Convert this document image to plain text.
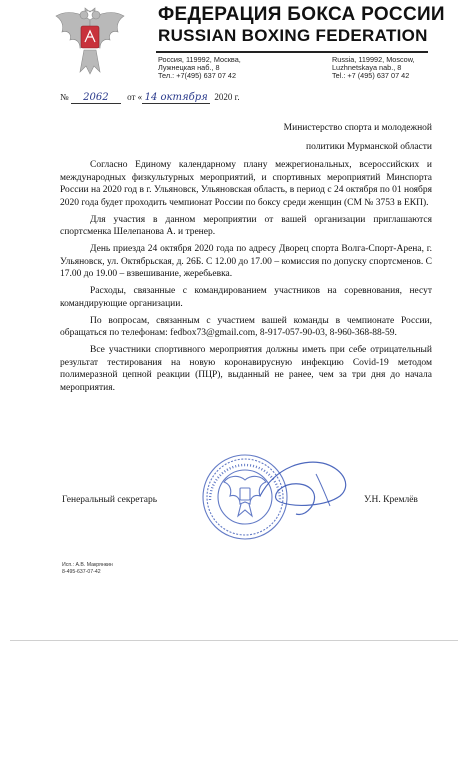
ФЕДЕРАЦИЯ БОКСА РОССИИ
RUSSIAN BOXING FEDERATION
Россия, 119992, Москва,
Лужнецкая наб., 8
Тел.: +7(495) 637 07 42
Russia, 119992, Moscow,
Luzhnetskaya nab., 8
Tel.: +7 (495) 637 07 42
№ 2062 от « 14 октября 2020 г.
Министерство спорта и молодежной
политики Мурманской области

Согласно Единому календарному плану межрегиональных, всероссийских и международных физкультурных мероприятий, и спортивных мероприятий Минспорта России на 2020 год в г. Ульяновск, Ульяновская область, в период с 24 октября по 01 ноября 2020 года будет проходить чемпионат России по боксу среди женщин (СМ № 3753 в ЕКП).

Для участия в данном мероприятии от вашей организации приглашаются спортсменка Шелепанова А. и тренер.

День приезда 24 октября 2020 года по адресу Дворец спорта Волга-Спорт-Арена, г. Ульяновск, ул. Октябрьская, д. 26Б. С 12.00 до 17.00 – комиссия по допуску спортсменов. С 17.00 до 19.00 – взвешивание, жеребьевка.

Расходы, связанные с командированием участников на соревнования, несут командирующие организации.

По вопросам, связанным с участием вашей команды в чемпионате России, обращаться по телефонам: fedbox73@gmail.com, 8-917-057-90-03, 8-960-368-88-59.

Все участники спортивного мероприятия должны иметь при себе отрицательный результат тестирования на новую коронавирусную инфекцию Covid-19 методом полимеразной цепной реакции (ПЦР), выданный не ранее, чем за три дня до начала мероприятия.

Генеральный секретарь	У.Н. Кремлёв
Исп.: А.В. Макрянкин
8-495-637-07-42
